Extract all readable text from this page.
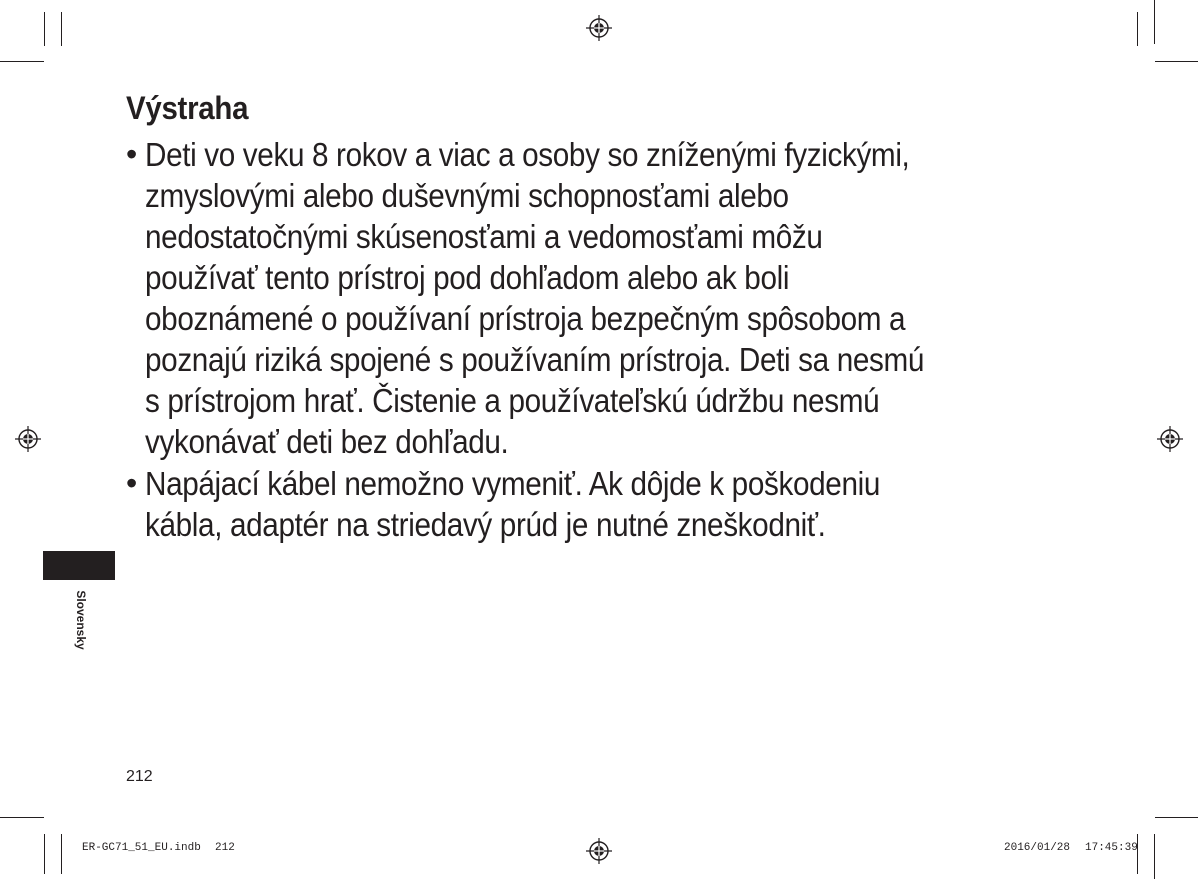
Výstraha
• Deti vo veku 8 rokov a viac a osoby so zníženými fyzickými,
zmyslovými alebo duševnými schopnosťami alebo
nedostatočnými skúsenosťami a vedomosťami môžu
používať tento prístroj pod dohľadom alebo ak boli
oboznámené o používaní prístroja bezpečným spôsobom a
poznajú riziká spojené s používaním prístroja. Deti sa nesmú
s prístrojom hrať. Čistenie a používateľskú údržbu nesmú
vykonávať deti bez dohľadu.
• Napájací kábel nemožno vymeniť. Ak dôjde k poškodeniu
kábla, adaptér na striedavý prúd je nutné zneškodniť.
Slovensky
212
ER-GC71_51_EU.indb 212	2016/01/28 17:45:39
